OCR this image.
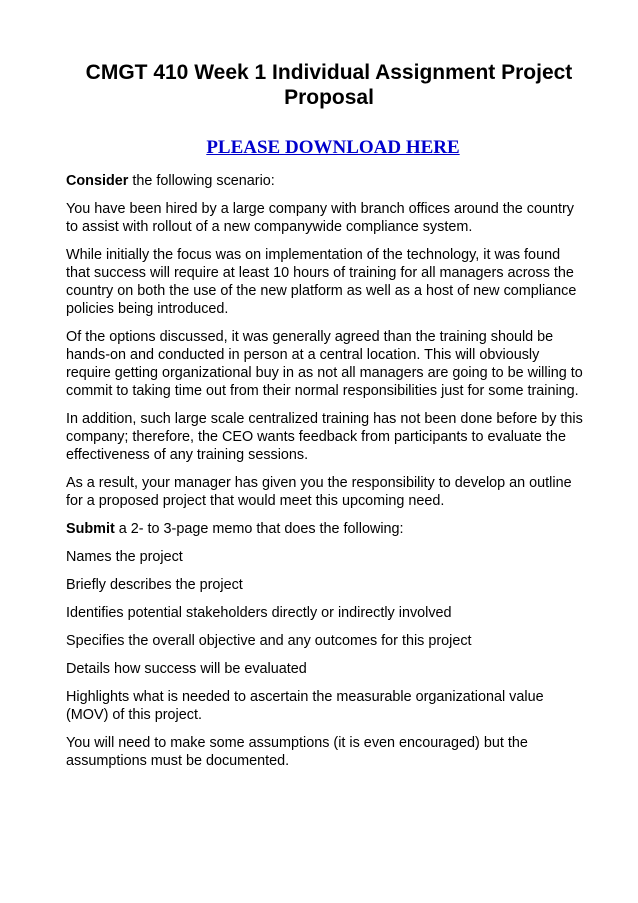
CMGT 410 Week 1 Individual Assignment Project Proposal

PLEASE DOWNLOAD HERE

Consider the following scenario:

You have been hired by a large company with branch offices around the country
to assist with rollout of a new companywide compliance system.

While initially the focus was on implementation of the technology, it was found
that success will require at least 10 hours of training for all managers across the
country on both the use of the new platform as well as a host of new compliance
policies being introduced.

Of the options discussed, it was generally agreed than the training should be
hands-on and conducted in person at a central location. This will obviously
require getting organizational buy in as not all managers are going to be willing to
commit to taking time out from their normal responsibilities just for some training.

In addition, such large scale centralized training has not been done before by this
company; therefore, the CEO wants feedback from participants to evaluate the
effectiveness of any training sessions.

As a result, your manager has given you the responsibility to develop an outline
for a proposed project that would meet this upcoming need.

Submit a 2- to 3-page memo that does the following:

Names the project

Briefly describes the project

Identifies potential stakeholders directly or indirectly involved

Specifies the overall objective and any outcomes for this project

Details how success will be evaluated

Highlights what is needed to ascertain the measurable organizational value
(MOV) of this project.

You will need to make some assumptions (it is even encouraged) but the
assumptions must be documented.
